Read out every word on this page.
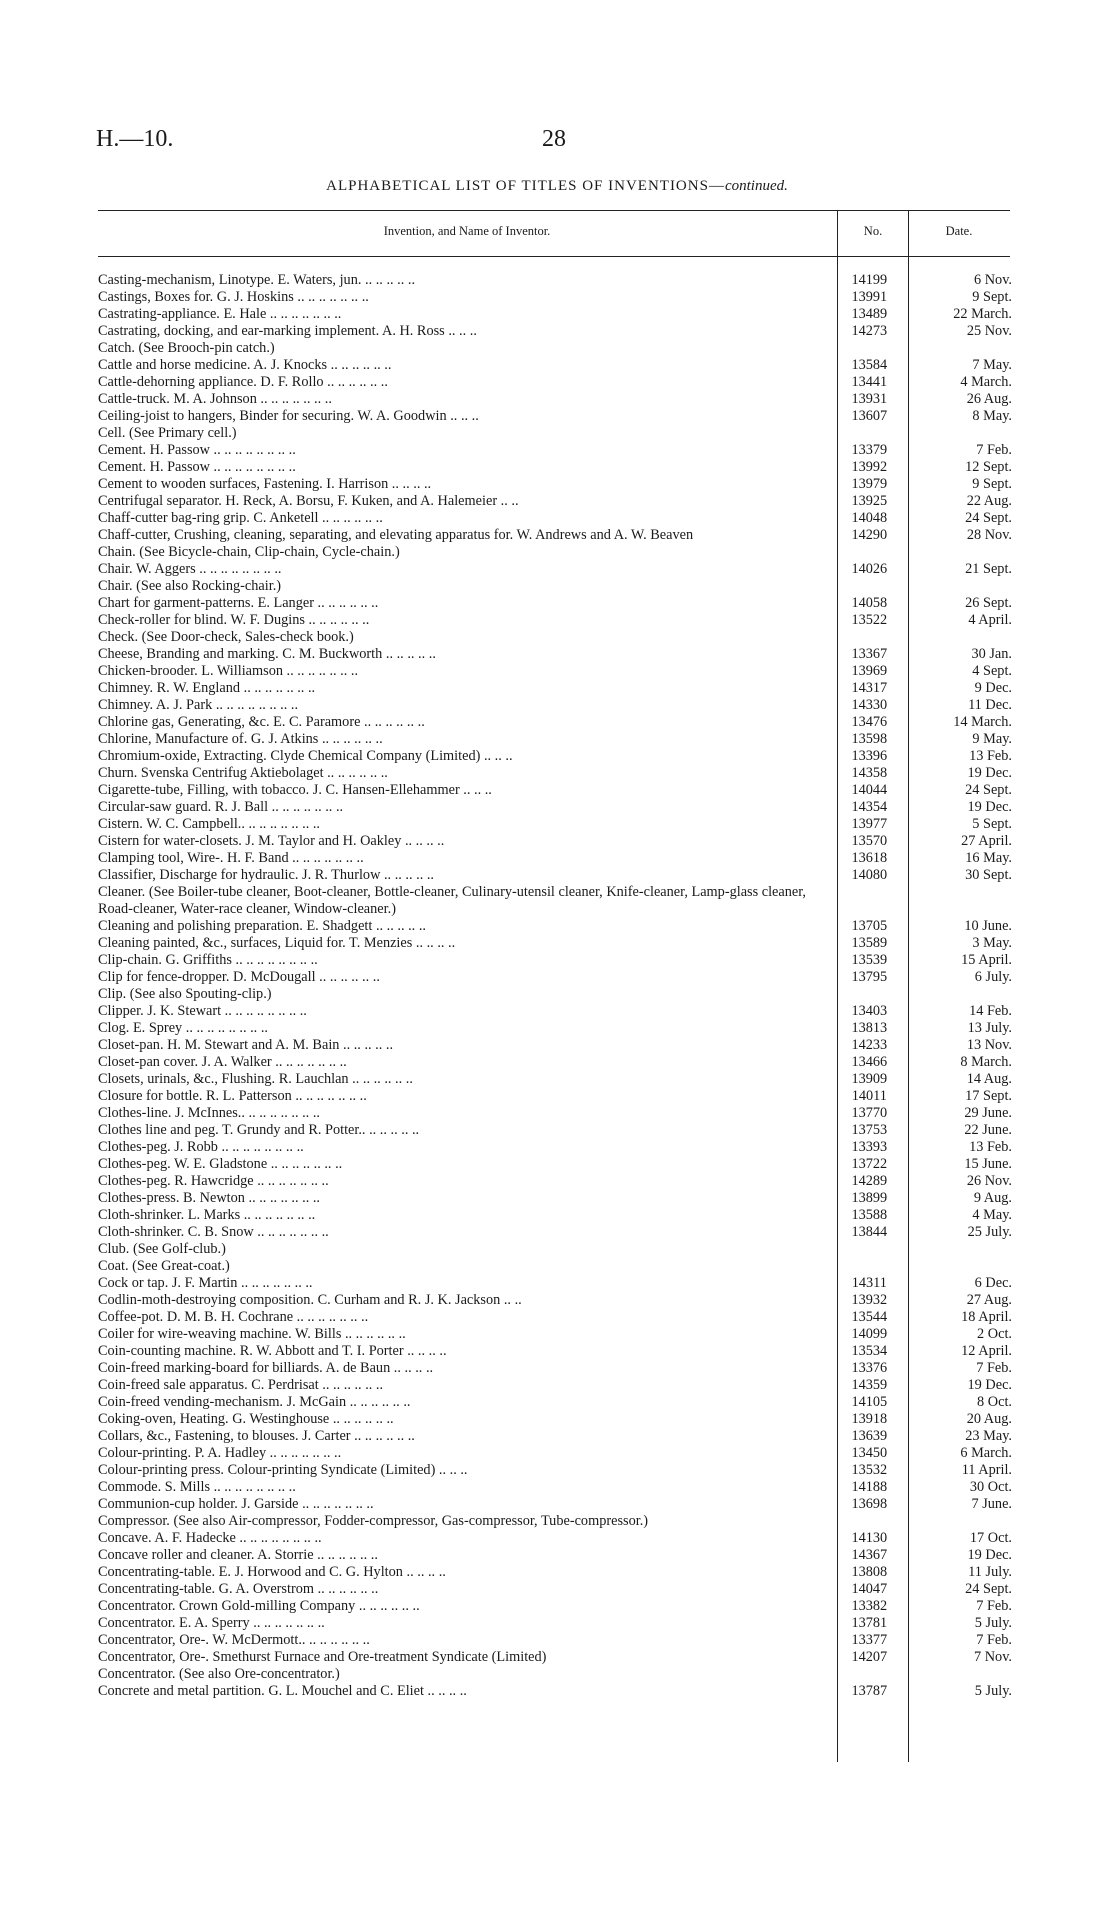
H.—10.	28
ALPHABETICAL LIST OF TITLES OF INVENTIONS—continued.
Invention, and Name of Inventor.	No.	Date.
Casting-mechanism, Linotype. E. Waters, jun. .. .. .. .. ..	14199	6 Nov.
Castings, Boxes for. G. J. Hoskins .. .. .. .. .. .. ..	13991	9 Sept.
Castrating-appliance. E. Hale .. .. .. .. .. .. ..	13489	22 March.
Castrating, docking, and ear-marking implement. A. H. Ross .. .. ..	14273	25 Nov.
Catch. (See Brooch-pin catch.)
Cattle and horse medicine. A. J. Knocks .. .. .. .. .. ..	13584	7 May.
Cattle-dehorning appliance. D. F. Rollo .. .. .. .. .. ..	13441	4 March.
Cattle-truck. M. A. Johnson .. .. .. .. .. .. ..	13931	26 Aug.
Ceiling-joist to hangers, Binder for securing. W. A. Goodwin .. .. ..	13607	8 May.
Cell. (See Primary cell.)
Cement. H. Passow .. .. .. .. .. .. .. ..	13379	7 Feb.
Cement. H. Passow .. .. .. .. .. .. .. ..	13992	12 Sept.
Cement to wooden surfaces, Fastening. I. Harrison .. .. .. ..	13979	9 Sept.
Centrifugal separator. H. Reck, A. Borsu, F. Kuken, and A. Halemeier .. ..	13925	22 Aug.
Chaff-cutter bag-ring grip. C. Anketell .. .. .. .. .. ..	14048	24 Sept.
Chaff-cutter, Crushing, cleaning, separating, and elevating apparatus for. W. Andrews and A. W. Beaven	14290	28 Nov.
Chain. (See Bicycle-chain, Clip-chain, Cycle-chain.)
Chair. W. Aggers .. .. .. .. .. .. .. ..	14026	21 Sept.
Chair. (See also Rocking-chair.)
Chart for garment-patterns. E. Langer .. .. .. .. .. ..	14058	26 Sept.
Check-roller for blind. W. F. Dugins .. .. .. .. .. ..	13522	4 April.
Check. (See Door-check, Sales-check book.)
Cheese, Branding and marking. C. M. Buckworth .. .. .. .. ..	13367	30 Jan.
Chicken-brooder. L. Williamson .. .. .. .. .. .. ..	13969	4 Sept.
Chimney. R. W. England .. .. .. .. .. .. ..	14317	9 Dec.
Chimney. A. J. Park .. .. .. .. .. .. .. ..	14330	11 Dec.
Chlorine gas, Generating, &c. E. C. Paramore .. .. .. .. .. ..	13476	14 March.
Chlorine, Manufacture of. G. J. Atkins .. .. .. .. .. ..	13598	9 May.
Chromium-oxide, Extracting. Clyde Chemical Company (Limited) .. .. ..	13396	13 Feb.
Churn. Svenska Centrifug Aktiebolaget .. .. .. .. .. ..	14358	19 Dec.
Cigarette-tube, Filling, with tobacco. J. C. Hansen-Ellehammer .. .. ..	14044	24 Sept.
Circular-saw guard. R. J. Ball .. .. .. .. .. .. ..	14354	19 Dec.
Cistern. W. C. Campbell.. .. .. .. .. .. .. ..	13977	5 Sept.
Cistern for water-closets. J. M. Taylor and H. Oakley .. .. .. ..	13570	27 April.
Clamping tool, Wire-. H. F. Band .. .. .. .. .. .. ..	13618	16 May.
Classifier, Discharge for hydraulic. J. R. Thurlow .. .. .. .. ..	14080	30 Sept.
Cleaner. (See Boiler-tube cleaner, Boot-cleaner, Bottle-cleaner, Culinary-utensil cleaner, Knife-cleaner, Lamp-glass cleaner, Road-cleaner, Water-race cleaner, Window-cleaner.)
Cleaning and polishing preparation. E. Shadgett .. .. .. .. ..	13705	10 June.
Cleaning painted, &c., surfaces, Liquid for. T. Menzies .. .. .. ..	13589	3 May.
Clip-chain. G. Griffiths .. .. .. .. .. .. .. ..	13539	15 April.
Clip for fence-dropper. D. McDougall .. .. .. .. .. ..	13795	6 July.
Clip. (See also Spouting-clip.)
Clipper. J. K. Stewart .. .. .. .. .. .. .. ..	13403	14 Feb.
Clog. E. Sprey .. .. .. .. .. .. .. ..	13813	13 July.
Closet-pan. H. M. Stewart and A. M. Bain .. .. .. .. ..	14233	13 Nov.
Closet-pan cover. J. A. Walker .. .. .. .. .. .. ..	13466	8 March.
Closets, urinals, &c., Flushing. R. Lauchlan .. .. .. .. .. ..	13909	14 Aug.
Closure for bottle. R. L. Patterson .. .. .. .. .. .. ..	14011	17 Sept.
Clothes-line. J. McInnes.. .. .. .. .. .. .. ..	13770	29 June.
Clothes line and peg. T. Grundy and R. Potter.. .. .. .. .. ..	13753	22 June.
Clothes-peg. J. Robb .. .. .. .. .. .. .. ..	13393	13 Feb.
Clothes-peg. W. E. Gladstone .. .. .. .. .. .. ..	13722	15 June.
Clothes-peg. R. Hawcridge .. .. .. .. .. .. ..	14289	26 Nov.
Clothes-press. B. Newton .. .. .. .. .. .. ..	13899	9 Aug.
Cloth-shrinker. L. Marks .. .. .. .. .. .. ..	13588	4 May.
Cloth-shrinker. C. B. Snow .. .. .. .. .. .. ..	13844	25 July.
Club. (See Golf-club.)
Coat. (See Great-coat.)
Cock or tap. J. F. Martin .. .. .. .. .. .. ..	14311	6 Dec.
Codlin-moth-destroying composition. C. Curham and R. J. K. Jackson .. ..	13932	27 Aug.
Coffee-pot. D. M. B. H. Cochrane .. .. .. .. .. .. ..	13544	18 April.
Coiler for wire-weaving machine. W. Bills .. .. .. .. .. ..	14099	2 Oct.
Coin-counting machine. R. W. Abbott and T. I. Porter .. .. .. ..	13534	12 April.
Coin-freed marking-board for billiards. A. de Baun .. .. .. ..	13376	7 Feb.
Coin-freed sale apparatus. C. Perdrisat .. .. .. .. .. ..	14359	19 Dec.
Coin-freed vending-mechanism. J. McGain .. .. .. .. .. ..	14105	8 Oct.
Coking-oven, Heating. G. Westinghouse .. .. .. .. .. ..	13918	20 Aug.
Collars, &c., Fastening, to blouses. J. Carter .. .. .. .. .. ..	13639	23 May.
Colour-printing. P. A. Hadley .. .. .. .. .. .. ..	13450	6 March.
Colour-printing press. Colour-printing Syndicate (Limited) .. .. ..	13532	11 April.
Commode. S. Mills .. .. .. .. .. .. .. ..	14188	30 Oct.
Communion-cup holder. J. Garside .. .. .. .. .. .. ..	13698	7 June.
Compressor. (See also Air-compressor, Fodder-compressor, Gas-compressor, Tube-compressor.)
Concave. A. F. Hadecke .. .. .. .. .. .. .. ..	14130	17 Oct.
Concave roller and cleaner. A. Storrie .. .. .. .. .. ..	14367	19 Dec.
Concentrating-table. E. J. Horwood and C. G. Hylton .. .. .. ..	13808	11 July.
Concentrating-table. G. A. Overstrom .. .. .. .. .. ..	14047	24 Sept.
Concentrator. Crown Gold-milling Company .. .. .. .. .. ..	13382	7 Feb.
Concentrator. E. A. Sperry .. .. .. .. .. .. ..	13781	5 July.
Concentrator, Ore-. W. McDermott.. .. .. .. .. .. ..	13377	7 Feb.
Concentrator, Ore-. Smethurst Furnace and Ore-treatment Syndicate (Limited)	14207	7 Nov.
Concentrator. (See also Ore-concentrator.)
Concrete and metal partition. G. L. Mouchel and C. Eliet .. .. .. ..	13787	5 July.
